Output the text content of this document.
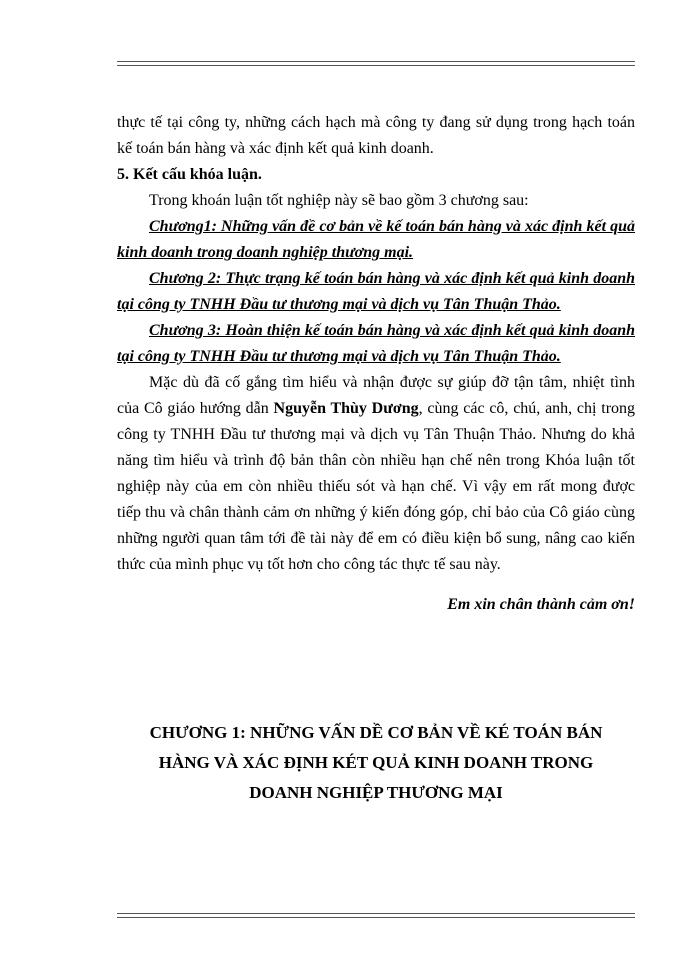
thực tế tại công ty, những cách hạch mà công ty đang sử dụng trong hạch toán kế toán bán hàng và xác định kết quả kinh doanh.

5. Kết cấu khóa luận.

Trong khoán luận tốt nghiệp này sẽ bao gồm 3 chương sau:

Chương1: Những vấn đề cơ bản về kế toán bán hàng và xác định kết quả kinh doanh trong doanh nghiệp thương mại.

Chương 2: Thực trạng kế toán bán hàng và xác định kết quả kinh doanh tại công ty TNHH Đầu tư thương mại và dịch vụ Tân Thuận Thảo.

Chương 3: Hoàn thiện kế toán bán hàng và xác định kết quả kinh doanh tại công ty TNHH Đầu tư thương mại và dịch vụ Tân Thuận Thảo.

Mặc dù đã cố gắng tìm hiểu và nhận được sự giúp đỡ tận tâm, nhiệt tình của Cô giáo hướng dẫn Nguyễn Thùy Dương, cùng các cô, chú, anh, chị trong công ty TNHH Đầu tư thương mại và dịch vụ Tân Thuận Thảo. Nhưng do khả năng tìm hiểu và trình độ bản thân còn nhiều hạn chế nên trong Khóa luận tốt nghiệp này của em còn nhiều thiếu sót và hạn chế. Vì vậy em rất mong được tiếp thu và chân thành cảm ơn những ý kiến đóng góp, chỉ bảo của Cô giáo cùng những người quan tâm tới đề tài này để em có điều kiện bổ sung, nâng cao kiến thức của mình phục vụ tốt hơn cho công tác thực tế sau này.

Em xin chân thành cảm ơn!

CHƯƠNG 1: NHỮNG VẤN DỀ CƠ BẢN VỀ KÉ TOÁN BÁN
HÀNG VÀ XÁC ĐỊNH KÉT QUẢ KINH DOANH TRONG
DOANH NGHIỆP THƯƠNG MẠI
